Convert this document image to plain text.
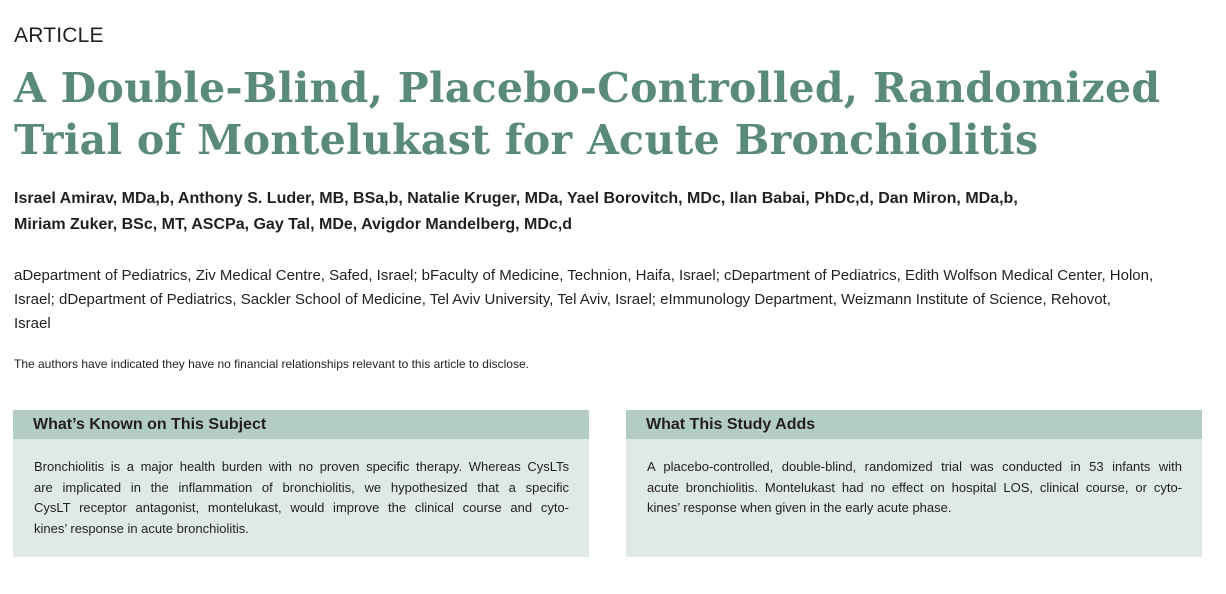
ARTICLE
A Double-Blind, Placebo-Controlled, Randomized
Trial of Montelukast for Acute Bronchiolitis
Israel Amirav, MDa,b, Anthony S. Luder, MB, BSa,b, Natalie Kruger, MDa, Yael Borovitch, MDc, Ilan Babai, PhDc,d, Dan Miron, MDa,b,
Miriam Zuker, BSc, MT, ASCPa, Gay Tal, MDe, Avigdor Mandelberg, MDc,d
aDepartment of Pediatrics, Ziv Medical Centre, Safed, Israel; bFaculty of Medicine, Technion, Haifa, Israel; cDepartment of Pediatrics, Edith Wolfson Medical Center, Holon,
Israel; dDepartment of Pediatrics, Sackler School of Medicine, Tel Aviv University, Tel Aviv, Israel; eImmunology Department, Weizmann Institute of Science, Rehovot,
Israel
The authors have indicated they have no financial relationships relevant to this article to disclose.
What’s Known on This Subject
Bronchiolitis is a major health burden with no proven specific therapy. Whereas CysLTs
are implicated in the inflammation of bronchiolitis, we hypothesized that a specific
CysLT receptor antagonist, montelukast, would improve the clinical course and cyto-
kines’ response in acute bronchiolitis.
What This Study Adds
A placebo-controlled, double-blind, randomized trial was conducted in 53 infants with
acute bronchiolitis. Montelukast had no effect on hospital LOS, clinical course, or cyto-
kines’ response when given in the early acute phase.
